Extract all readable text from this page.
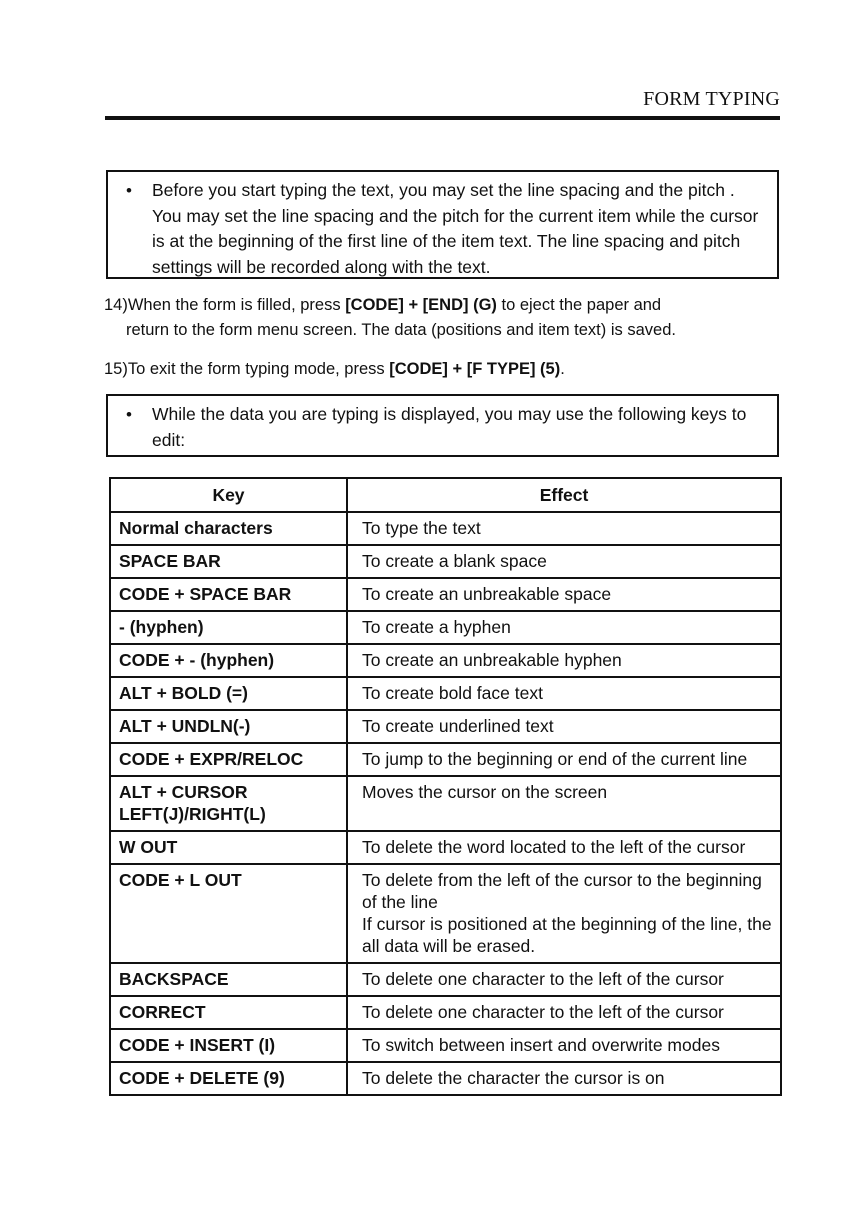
FORM TYPING
•	Before you start typing the text, you may set the line spacing and the pitch . You may set the line spacing and the pitch for the current item while the cursor is at the beginning of the first line of the item text. The line spacing and pitch settings will be recorded along with the text.
14)When the form is filled, press [CODE] + [END] (G) to eject the paper and
return to the form menu screen. The data (positions and item text) is saved.
15)To exit the form typing mode, press [CODE] + [F TYPE] (5).
•	While the data you are typing is displayed, you may use the following keys to edit:
Key	Effect
Normal characters	To type the text
SPACE BAR	To create a blank space
CODE + SPACE BAR	To create an unbreakable space
- (hyphen)	To create a hyphen
CODE + - (hyphen)	To create an unbreakable hyphen
ALT + BOLD (=)	To create bold face text
ALT + UNDLN(-)	To create underlined text
CODE + EXPR/RELOC	To jump to the beginning or end of the current line
ALT + CURSOR LEFT(J)/RIGHT(L)	Moves the cursor on the screen
W OUT	To delete the word located to the left of the cursor
CODE + L OUT	To delete from the left of the cursor to the beginning of the line
If cursor is positioned at the beginning of the line, the all data will be erased.

BACKSPACE	To delete one character to the left of the cursor
CORRECT	To delete one character to the left of the cursor
CODE + INSERT (I)	To switch between insert and overwrite modes
CODE + DELETE (9)	To delete the character the cursor is on
